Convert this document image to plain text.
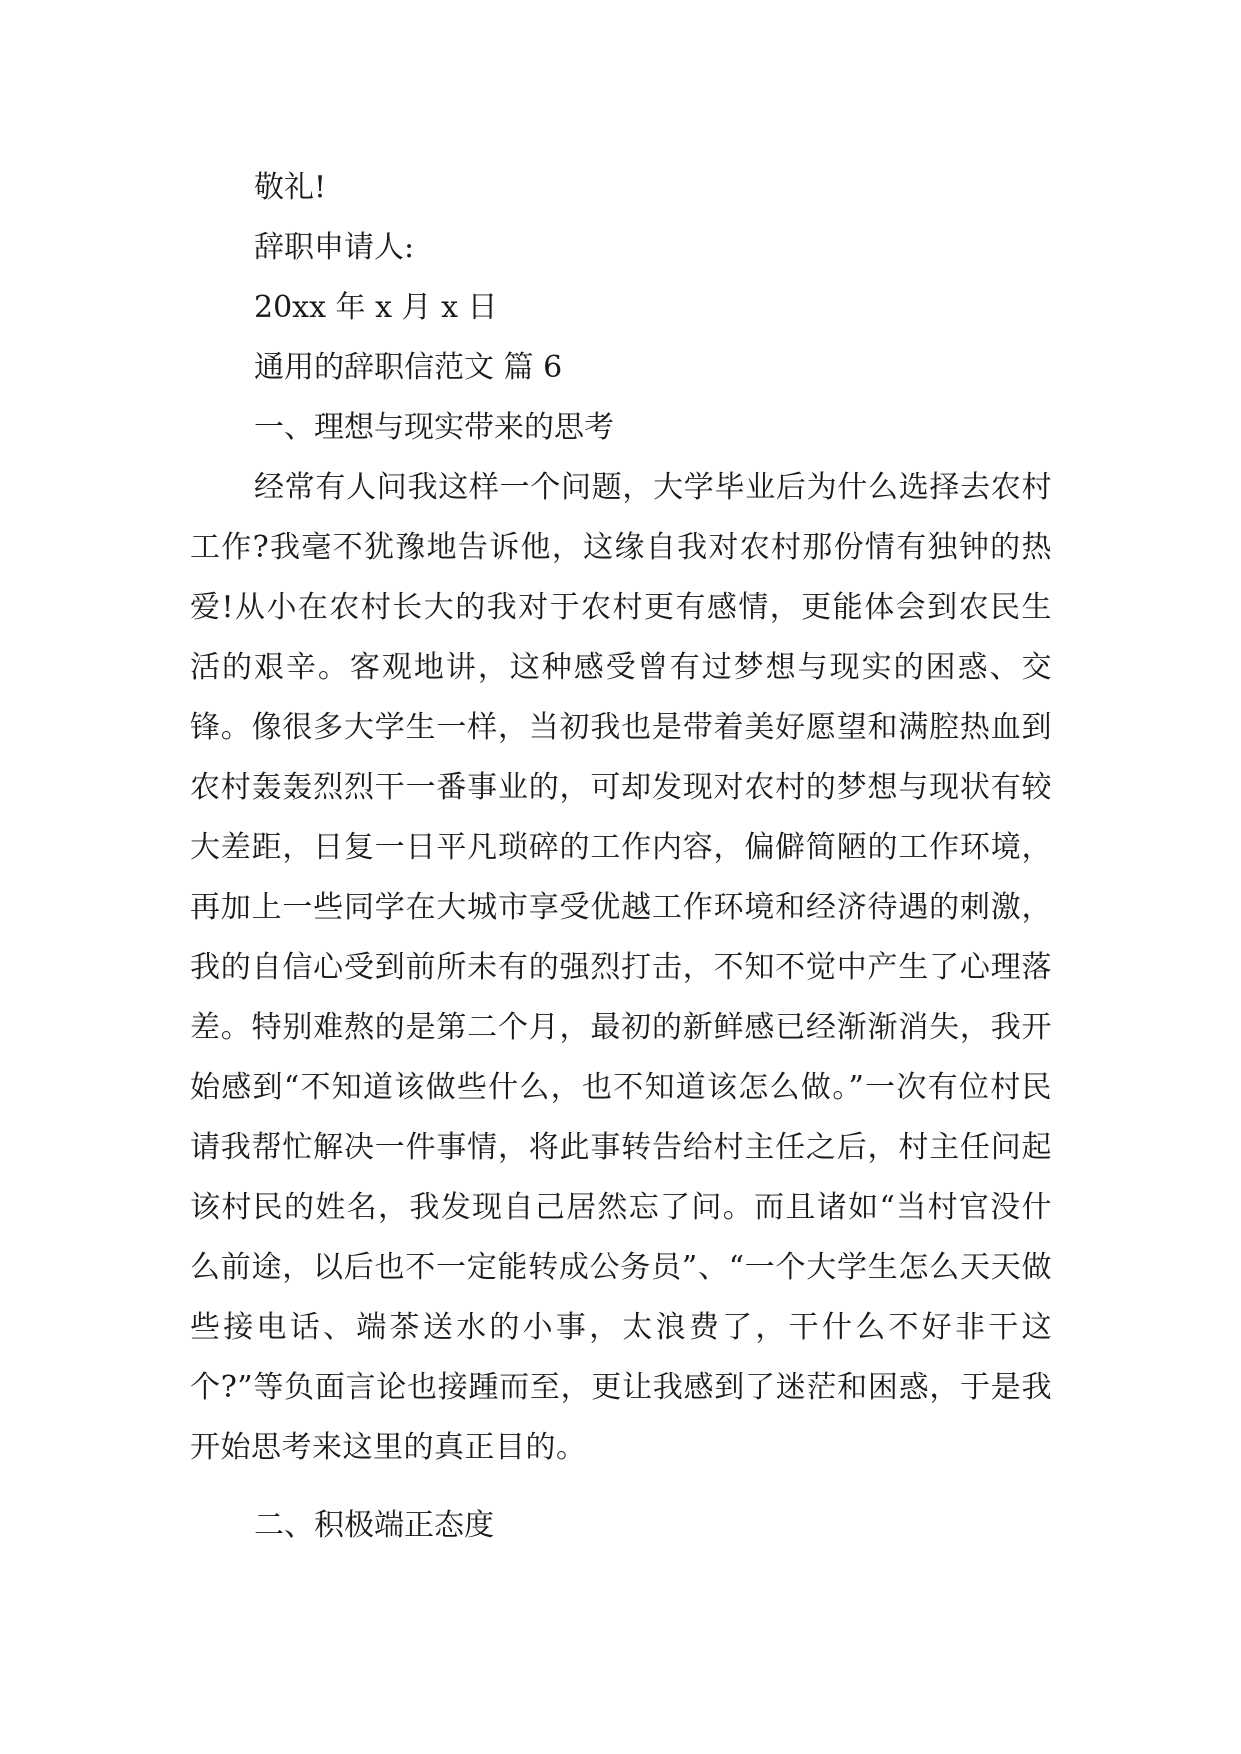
敬礼!

辞职申请人:

20xx 年 x 月 x 日

通用的辞职信范文 篇 6

一、理想与现实带来的思考

经常有人问我这样一个问题，大学毕业后为什么选择去农村工作?我毫不犹豫地告诉他，这缘自我对农村那份情有独钟的热爱!从小在农村长大的我对于农村更有感情，更能体会到农民生活的艰辛。客观地讲，这种感受曾有过梦想与现实的困惑、交锋。像很多大学生一样，当初我也是带着美好愿望和满腔热血到农村轰轰烈烈干一番事业的，可却发现对农村的梦想与现状有较大差距，日复一日平凡琐碎的工作内容，偏僻简陋的工作环境，再加上一些同学在大城市享受优越工作环境和经济待遇的刺激，我的自信心受到前所未有的强烈打击，不知不觉中产生了心理落差。特别难熬的是第二个月，最初的新鲜感已经渐渐消失，我开始感到“不知道该做些什么，也不知道该怎么做。”一次有位村民请我帮忙解决一件事情，将此事转告给村主任之后，村主任问起该村民的姓名，我发现自己居然忘了问。而且诸如“当村官没什么前途，以后也不一定能转成公务员”、“一个大学生怎么天天做些接电话、端茶送水的小事，太浪费了，干什么不好非干这个?”等负面言论也接踵而至，更让我感到了迷茫和困惑，于是我开始思考来这里的真正目的。

二、积极端正态度
